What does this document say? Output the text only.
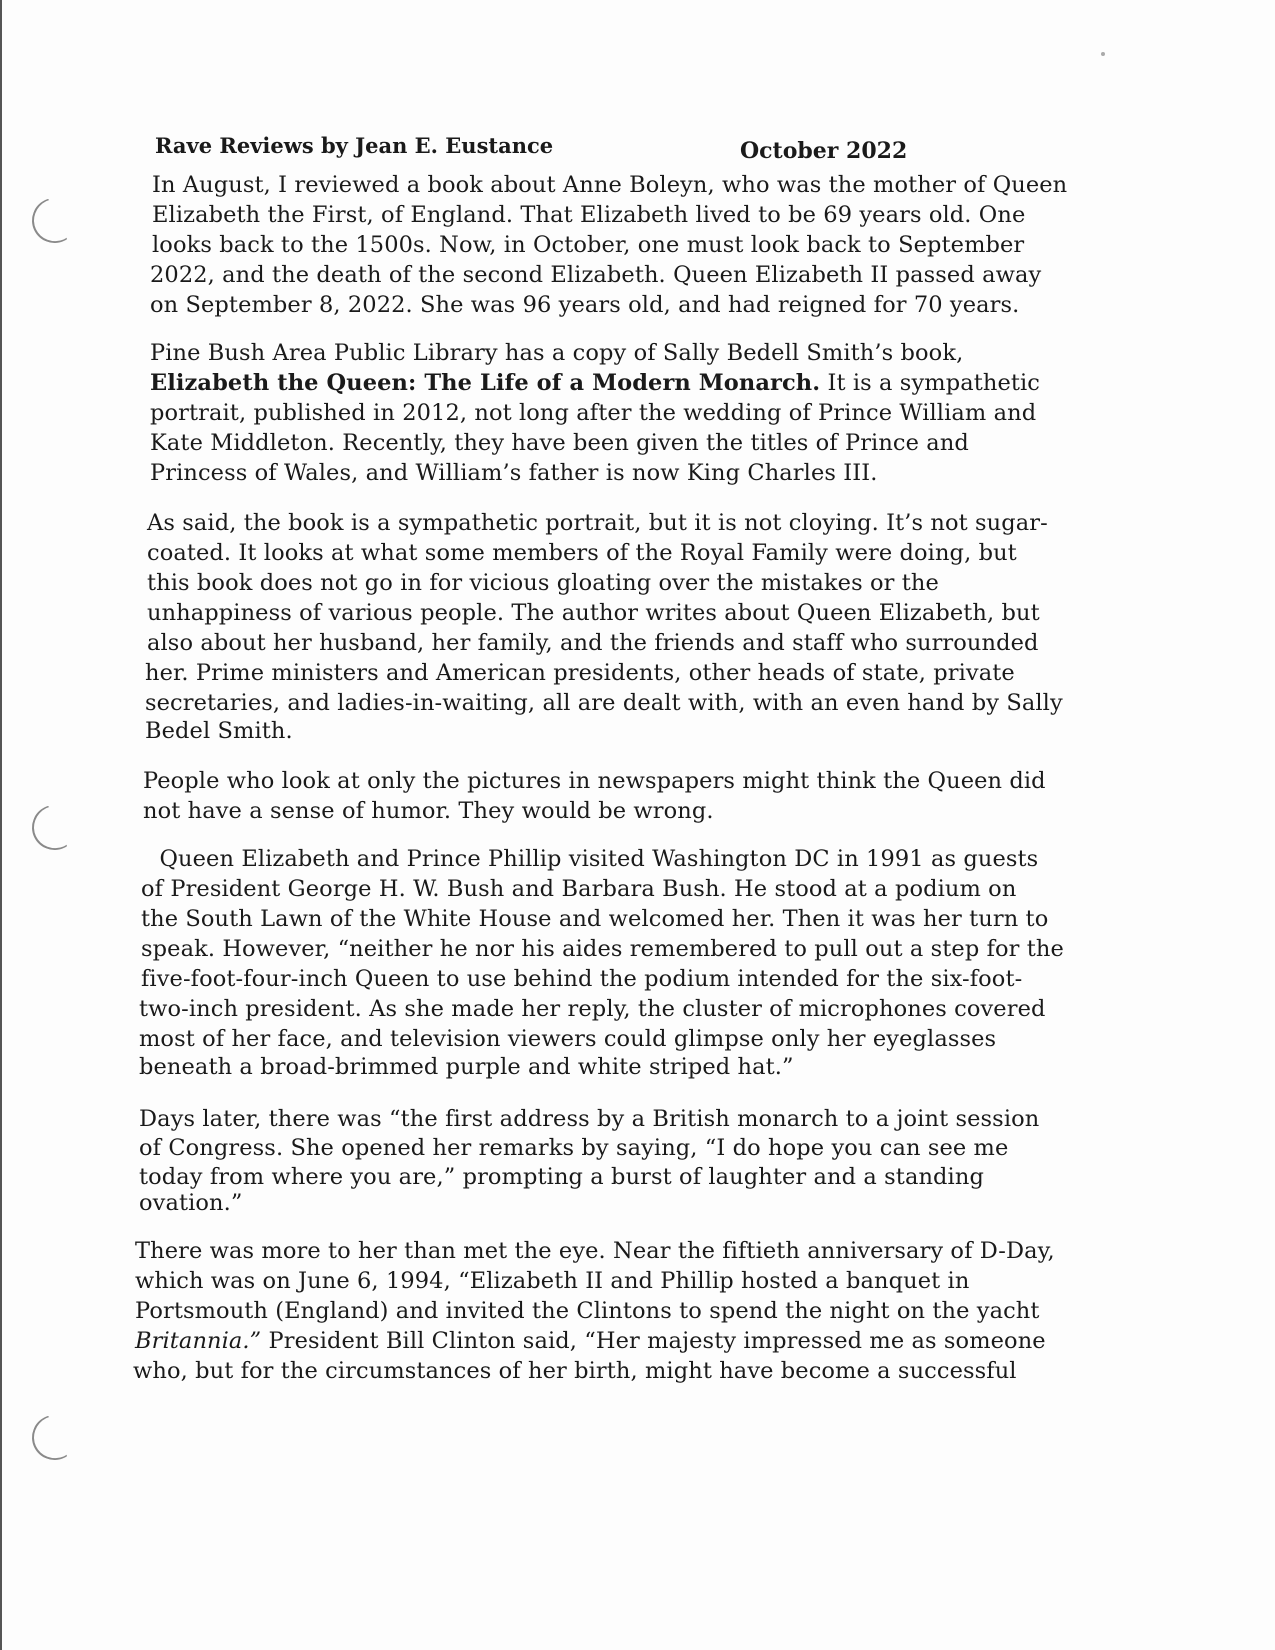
Rave Reviews by Jean E. Eustance	October 2022
In August, I reviewed a book about Anne Boleyn, who was the mother of Queen
Elizabeth the First, of England. That Elizabeth lived to be 69 years old. One
looks back to the 1500s. Now, in October, one must look back to September
2022, and the death of the second Elizabeth. Queen Elizabeth II passed away
on September 8, 2022. She was 96 years old, and had reigned for 70 years.
Pine Bush Area Public Library has a copy of Sally Bedell Smith’s book,
Elizabeth the Queen: The Life of a Modern Monarch. It is a sympathetic
portrait, published in 2012, not long after the wedding of Prince William and
Kate Middleton. Recently, they have been given the titles of Prince and
Princess of Wales, and William’s father is now King Charles III.
As said, the book is a sympathetic portrait, but it is not cloying. It’s not sugar-
coated. It looks at what some members of the Royal Family were doing, but
this book does not go in for vicious gloating over the mistakes or the
unhappiness of various people. The author writes about Queen Elizabeth, but
also about her husband, her family, and the friends and staff who surrounded
her. Prime ministers and American presidents, other heads of state, private
secretaries, and ladies-in-waiting, all are dealt with, with an even hand by Sally
Bedel Smith.
People who look at only the pictures in newspapers might think the Queen did
not have a sense of humor. They would be wrong.
Queen Elizabeth and Prince Phillip visited Washington DC in 1991 as guests
of President George H. W. Bush and Barbara Bush. He stood at a podium on
the South Lawn of the White House and welcomed her. Then it was her turn to
speak. However, “neither he nor his aides remembered to pull out a step for the
five-foot-four-inch Queen to use behind the podium intended for the six-foot-
two-inch president. As she made her reply, the cluster of microphones covered
most of her face, and television viewers could glimpse only her eyeglasses
beneath a broad-brimmed purple and white striped hat.”
Days later, there was “the first address by a British monarch to a joint session
of Congress. She opened her remarks by saying, “I do hope you can see me
today from where you are,” prompting a burst of laughter and a standing
ovation.”
There was more to her than met the eye. Near the fiftieth anniversary of D-Day,
which was on June 6, 1994, “Elizabeth II and Phillip hosted a banquet in
Portsmouth (England) and invited the Clintons to spend the night on the yacht
Britannia.” President Bill Clinton said, “Her majesty impressed me as someone
who, but for the circumstances of her birth, might have become a successful
